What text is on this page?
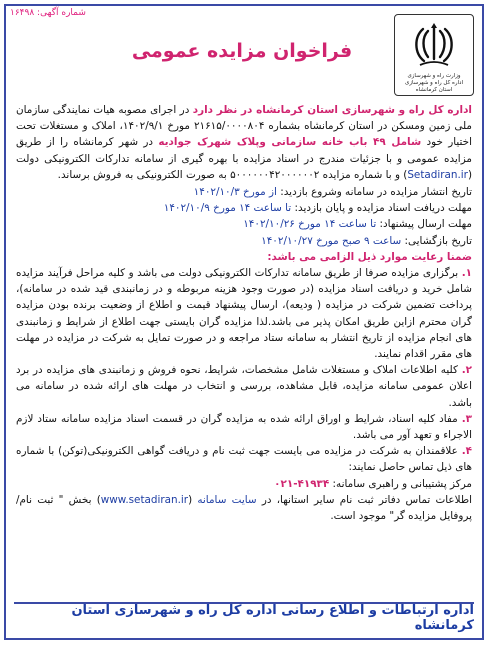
شماره آگهی: ۱۶۴۹۸
وزارت راه و شهرسازی
اداره کل راه و شهرسازی
استان کرمانشاه
فراخوان مزایده عمومی

اداره کل راه و شهرسازی استان کرمانشاه در نظر دارد در اجرای مصوبه هیات نمایندگی سازمان ملی زمین ومسکن در استان کرمانشاه بشماره ۲۱۶۱۵/۰۰۰۰۸۰۴ مورخ ۱۴۰۲/۹/۱، املاک و مستغلات تحت اختیار خود شامل ۴۹ باب خانه سازمانی وپلاک شهرک جوادیه در شهر کرمانشاه را از طریق مزایده عمومی و با جزئیات مندرج در اسناد مزایده با بهره گیری از سامانه تدارکات الکترونیکی دولت (Setadiran.ir) و با شماره مزایده ۵۰۰۰۰۰۰۴۲۰۰۰۰۰۰۲ به صورت الکترونیکی به فروش برساند.

تاریخ انتشار مزایده در سامانه وشروع بازدید: از مورخ ۱۴۰۲/۱۰/۳

مهلت دریافت اسناد مزایده و پایان بازدید: تا ساعت ۱۴ مورخ ۱۴۰۲/۱۰/۹

مهلت ارسال پیشنهاد: تا ساعت ۱۴ مورخ ۱۴۰۲/۱۰/۲۶

تاریخ بازگشایی: ساعت ۹ صبح مورخ ۱۴۰۲/۱۰/۲۷

ضمنا رعایت موارد ذیل الزامی می باشد:

۱. برگزاری مزایده صرفا از طریق سامانه تدارکات الکترونیکی دولت می باشد و کلیه مراحل فرآیند مزایده شامل خرید و دریافت اسناد مزایده (در صورت وجود هزینه مربوطه و در زمانبندی قید شده در سامانه)، پرداخت تضمین شرکت در مزایده ( ودیعه)، ارسال پیشنهاد قیمت و اطلاع از وضعیت برنده بودن مزایده گران محترم ازاین طریق امکان پذیر می باشد.لذا مزایده گران بایستی جهت اطلاع از شرایط و زمانبندی های انجام مزایده از تاریخ انتشار به سامانه ستاد مراجعه و در صورت تمایل به شرکت در مزایده در مهلت های مقرر اقدام نمایند.

۲. کلیه اطلاعات املاک و مستغلات شامل مشخصات، شرایط، نحوه فروش و زمانبندی های مزایده در برد اعلان عمومی سامانه مزایده، قابل مشاهده، بررسی و انتخاب در مهلت های ارائه شده در سامانه می باشد.

۳. مفاد کلیه اسناد، شرایط و اوراق ارائه شده به مزایده گران در قسمت اسناد مزایده سامانه ستاد لازم الاجراء و تعهد آور می باشد.

۴. علاقمندان به شرکت در مزایده می بایست جهت ثبت نام و دریافت گواهی الکترونیکی(توکن) با شماره های ذیل تماس حاصل نمایند:

مرکز پشتیبانی و راهبری سامانه: ۴۱۹۳۴-۰۲۱

اطلاعات تماس دفاتر ثبت نام سایر استانها، در سایت سامانه (www.setadiran.ir) بخش " ثبت نام/پروفایل مزایده گر" موجود است.

اداره ارتباطات و اطلاع رسانی اداره کل راه و شهرسازی استان کرمانشاه
